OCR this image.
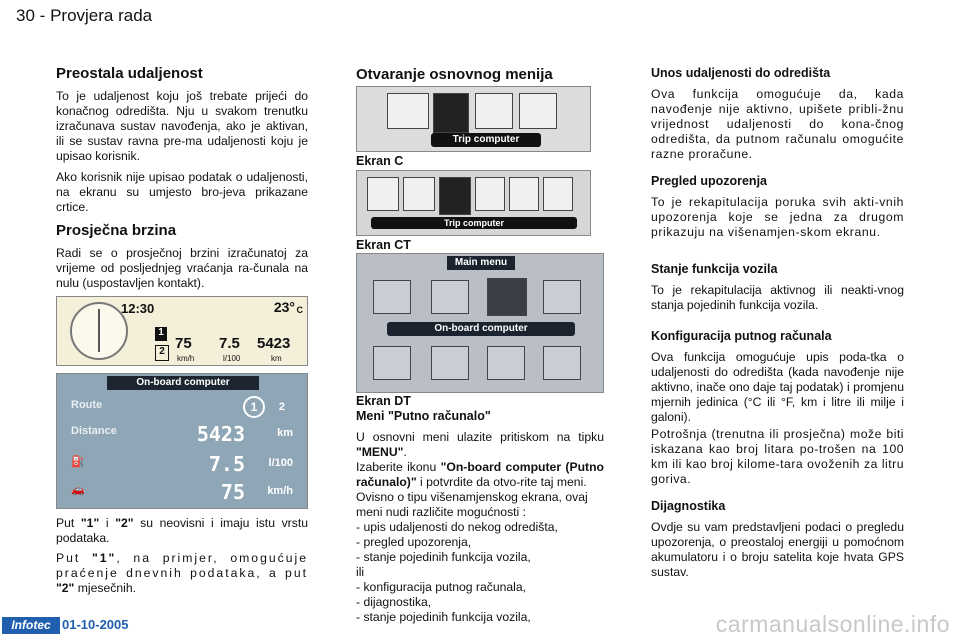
30 - Provjera rada
Preostala udaljenost

To je udaljenost koju još trebate prijeći do konačnog odredišta. Nju u svakom trenutku izračunava sustav navođenja, ako je aktivan, ili se sustav ravna pre-ma udaljenosti koju je upisao korisnik.

Ako korisnik nije upisao podatak o udaljenosti, na ekranu su umjesto bro-jeva prikazane crtice.

Prosječna brzina

Radi se o prosječnoj brzini izračunatoj za vrijeme od posljednjeg vraćanja ra-čunala na nulu (uspostavljen kontakt).

12:30	23° C
1
2 75 7.5 5423
km/h	l/100	km
On-board computer
Route	1	2
Distance	5423	km
⛽	7.5 l/100
🚗	75 km/h

Put "1" i "2" su neovisni i imaju istu vrstu podataka.

Put "1", na primjer, omogućuje praćenje dnevnih podataka, a put "2" mjesečnih.

Otvaranje osnovnog menija
Trip computer
Ekran C
Trip computer
Ekran CT
Main menu
On-board computer
Ekran DT
Meni "Putno računalo"

U osnovni meni ulazite pritiskom na tipku "MENU".

Izaberite ikonu "On-board computer (Putno računalo)" i potvrdite da otvo-rite taj meni.

Ovisno o tipu višenamjenskog ekrana, ovaj meni nudi različite mogućnosti :

- upis udaljenosti do nekog odredišta,
- pregled upozorenja,
- stanje pojedinih funkcija vozila,
ili
- konfiguracija putnog računala,
- dijagnostika,
- stanje pojedinih funkcija vozila,
Unos udaljenosti do odredišta

Ova funkcija omogućuje da, kada navođenje nije aktivno, upišete pribli-žnu vrijednost udaljenosti do kona-čnog odredišta, da putnom računalu omogućite razne proračune.

Pregled upozorenja

To je rekapitulacija poruka svih akti-vnih upozorenja koje se jedna za drugom prikazuju na višenamjen-skom ekranu.

Stanje funkcija vozila

To je rekapitulacija aktivnog ili neakti-vnog stanja pojedinih funkcija vozila.

Konfiguracija putnog računala

Ova funkcija omogućuje upis poda-tka o udaljenosti do odredišta (kada navođenje nije aktivno, inače ono daje taj podatak) i promjenu mjernih jedinica (°C ili °F, km i litre ili milje i galoni).

Potrošnja (trenutna ili prosječna) može biti iskazana kao broj litara po-trošen na 100 km ili kao broj kilome-tara ovoženih za litru goriva.

Dijagnostika

Ovdje su vam predstavljeni podaci o pregledu upozorenja, o preostaloj energiji u pomoćnom akumulatoru i o broju satelita koje hvata GPS sustav.

Infotec 01-10-2005	carmanualsonline.info
